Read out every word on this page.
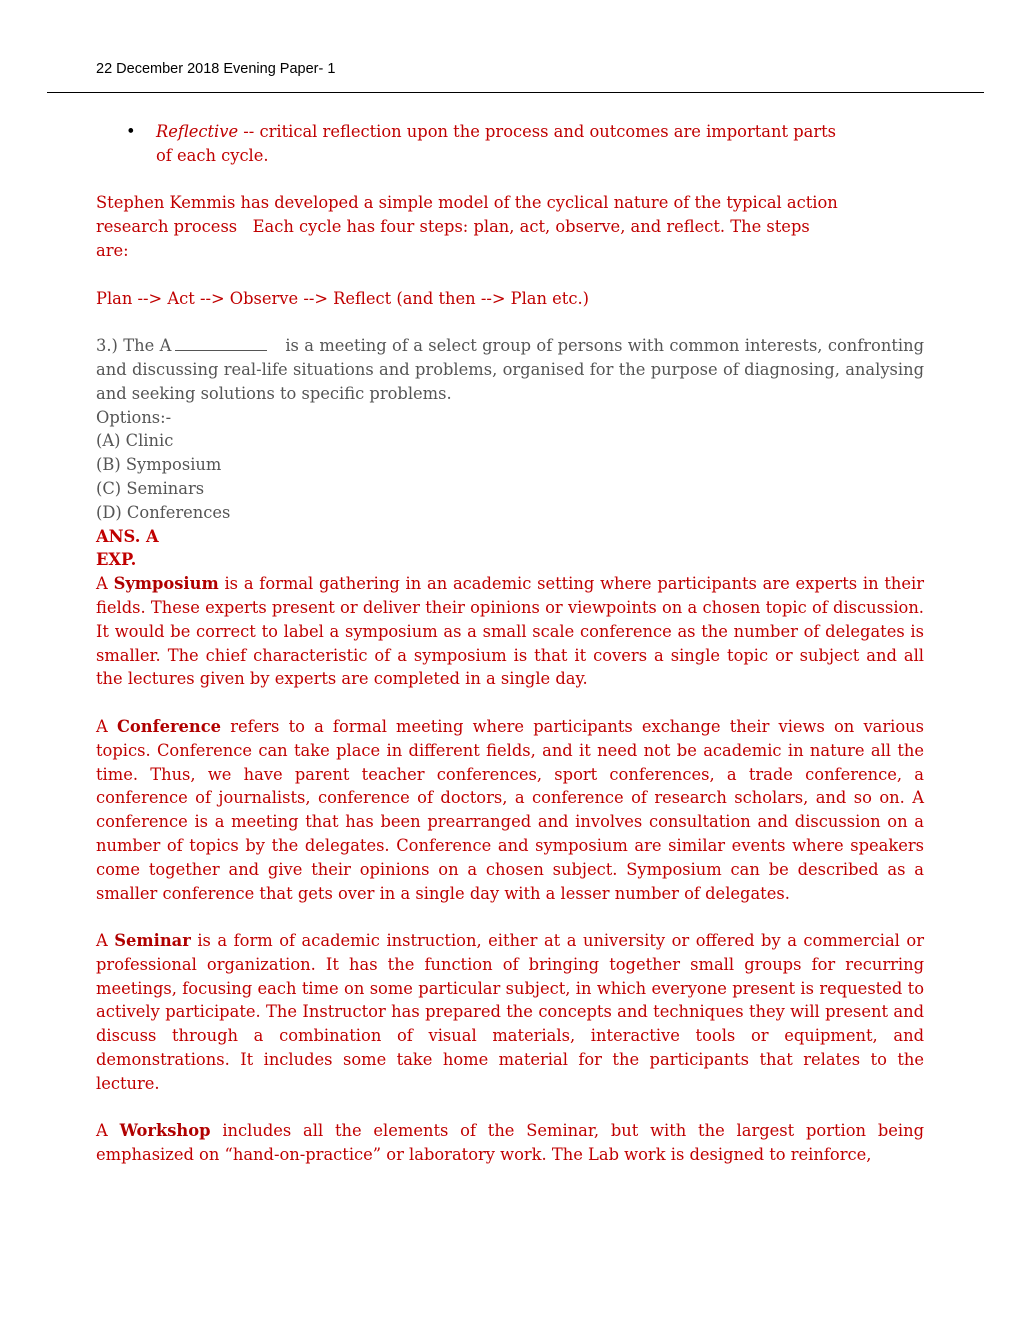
22 December 2018 Evening Paper- 1

• Reflective -- critical reflection upon the process and outcomes are important parts of each cycle.

Stephen Kemmis has developed a simple model of the cyclical nature of the typical action research process   Each cycle has four steps: plan, act, observe, and reflect. The steps are:

Plan --> Act --> Observe --> Reflect (and then --> Plan etc.)

3.) The A	is a meeting of a select group of persons with common interests, confronting and discussing real-life situations and problems, organised for the purpose of diagnosing, analysing and seeking solutions to specific problems.

Options:-

(A) Clinic

(B) Symposium

(C) Seminars

(D) Conferences

ANS. A

EXP.

A Symposium is a formal gathering in an academic setting where participants are experts in their fields. These experts present or deliver their opinions or viewpoints on a chosen topic of discussion. It would be correct to label a symposium as a small scale conference as the number of delegates is smaller. The chief characteristic of a symposium is that it covers a single topic or subject and all the lectures given by experts are completed in a single day.

A Conference refers to a formal meeting where participants exchange their views on various topics. Conference can take place in different fields, and it need not be academic in nature all the time. Thus, we have parent teacher conferences, sport conferences, a trade conference, a conference of journalists, conference of doctors, a conference of research scholars, and so on. A conference is a meeting that has been prearranged and involves consultation and discussion on a number of topics by the delegates. Conference and symposium are similar events where speakers come together and give their opinions on a chosen subject. Symposium can be described as a smaller conference that gets over in a single day with a lesser number of delegates.

A Seminar is a form of academic instruction, either at a university or offered by a commercial or professional organization. It has the function of bringing together small groups for recurring meetings, focusing each time on some particular subject, in which everyone present is requested to actively participate. The Instructor has prepared the concepts and techniques they will present and discuss through a combination of visual materials, interactive tools or equipment, and demonstrations. It includes some take home material for the participants that relates to the lecture.

A Workshop includes all the elements of the Seminar, but with the largest portion being emphasized on “hand-on-practice” or laboratory work. The Lab work is designed to reinforce,
